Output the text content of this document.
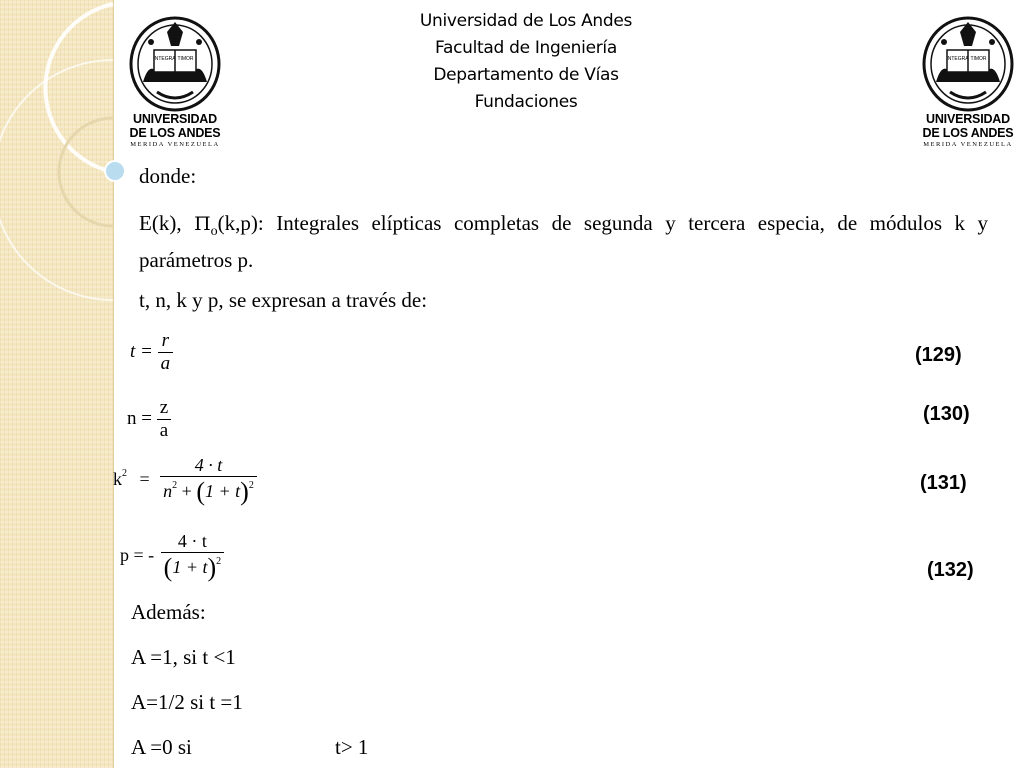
Universidad de Los Andes
Facultad de Ingeniería
Departamento de Vías
Fundaciones
INTEGRA TIMOR
UNIVERSIDAD
DE LOS ANDES
MERIDA VENEZUELA
INTEGRA TIMOR
UNIVERSIDAD
DE LOS ANDES
MERIDA VENEZUELA
donde:
E(k), $\Pi_o(k,p)$: Integrales elípticas completas de segunda y tercera especia, de módulos k y parámetros p.
t, n, k y p, se expresan a través de:
$t = \frac{r}{a}$	(129)
$n = \frac{z}{a}$	(130)
$k^2 = \frac{4 \cdot t}{n^2 + (1 + t)^2}$	(131)
p = - $\frac{4 \cdot t}{(1 + t)^2}$	(132)
Además:
A =1, si t <1
A=1/2 si t =1
A =0 si	t> 1
